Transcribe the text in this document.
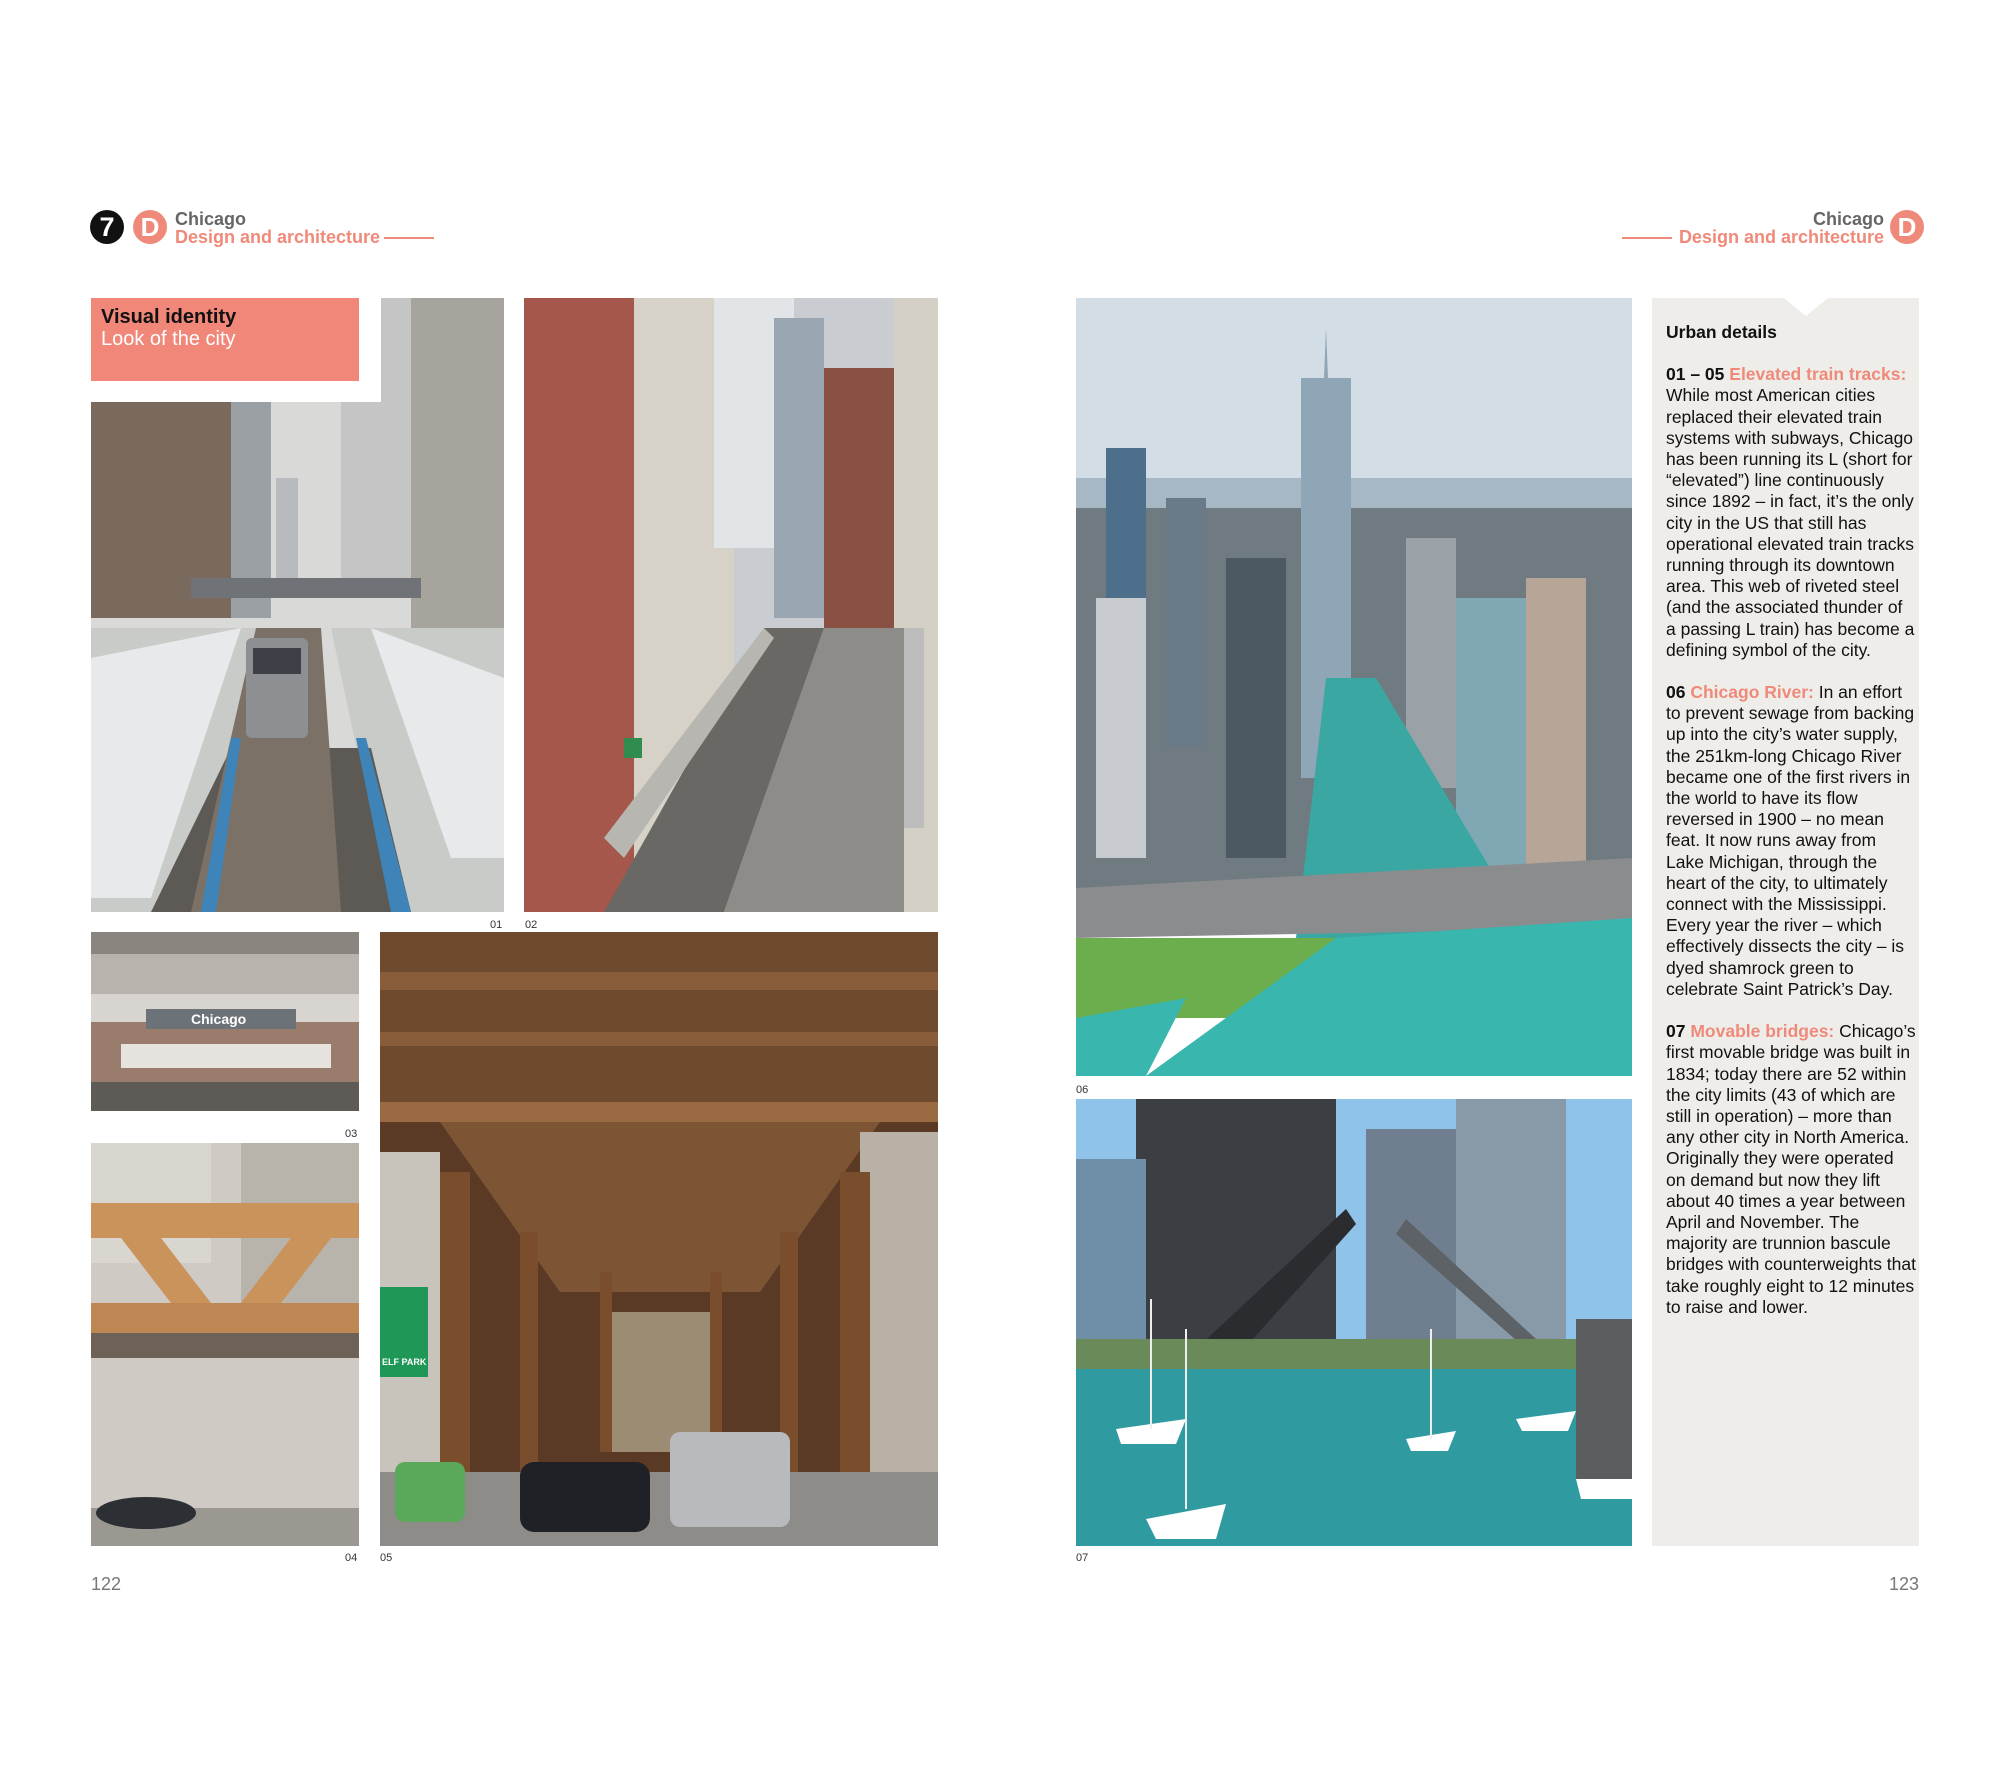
7	D Chicago
Design and architecture
Chicago
Design and architecture D
01
Visual identity
Look of the city
02
Chicago
03
04
ELF PARK
05
06
07

Urban details

01 – 05 Elevated train tracks: While most American cities replaced their elevated train systems with subways, Chicago has been running its L (short for “elevated”) line continuously since 1892 – in fact, it’s the only city in the US that still has operational elevated train tracks running through its downtown area. This web of riveted steel (and the associated thunder of a passing L train) has become a defining symbol of the city.

06 Chicago River: In an effort to prevent sewage from backing up into the city’s water supply, the 251km-long Chicago River became one of the first rivers in the world to have its flow reversed in 1900 – no mean feat. It now runs away from Lake Michigan, through the heart of the city, to ultimately connect with the Mississippi. Every year the river – which effectively dissects the city – is dyed shamrock green to celebrate Saint Patrick’s Day.

07 Movable bridges: Chicago’s first movable bridge was built in 1834; today there are 52 within the city limits (43 of which are still in operation) – more than any other city in North America. Originally they were operated on demand but now they lift about 40 times a year between April and November. The majority are trunnion bascule bridges with counterweights that take roughly eight to 12 minutes to raise and lower.

122	123
